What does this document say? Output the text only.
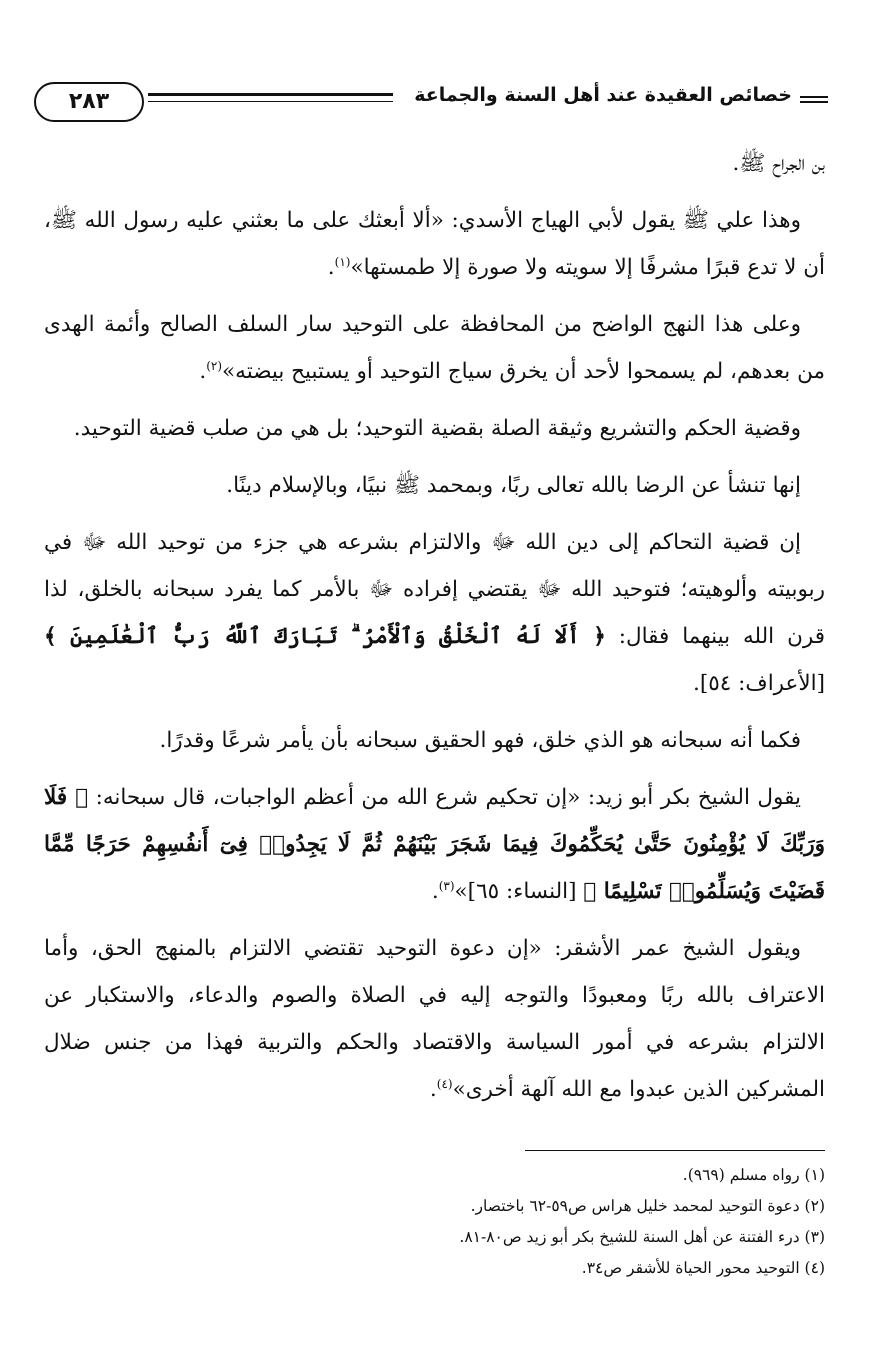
خصائص العقيدة عند أهل السنة والجماعة
٢٨٣

بن الجراح ﷺ.

وهذا علي ﷺ يقول لأبي الهياج الأسدي: «ألا أبعثك على ما بعثني عليه رسول الله ﷺ، أن لا تدع قبرًا مشرفًا إلا سويته ولا صورة إلا طمستها»$^{(١)}$.

وعلى هذا النهج الواضح من المحافظة على التوحيد سار السلف الصالح وأئمة الهدى من بعدهم، لم يسمحوا لأحد أن يخرق سياج التوحيد أو يستبيح بيضته»$^{(٢)}$.

وقضية الحكم والتشريع وثيقة الصلة بقضية التوحيد؛ بل هي من صلب قضية التوحيد.

إنها تنشأ عن الرضا بالله تعالى ربًا، وبمحمد ﷺ نبيًا، وبالإسلام دينًا.

إن قضية التحاكم إلى دين الله ﷻ والالتزام بشرعه هي جزء من توحيد الله ﷻ في ربوبيته وألوهيته؛ فتوحيد الله ﷻ يقتضي إفراده ﷻ بالأمر كما يفرد سبحانه بالخلق، لذا قرن الله بينهما فقال: ﴿ أَلَا لَهُ ٱلْخَلْقُ وَٱلْأَمْرُ ۗ تَبَارَكَ ٱللَّهُ رَبُّ ٱلْعَٰلَمِينَ ﴾ [الأعراف: ٥٤].

فكما أنه سبحانه هو الذي خلق، فهو الحقيق سبحانه بأن يأمر شرعًا وقدرًا.

يقول الشيخ بكر أبو زيد: «إن تحكيم شرع الله من أعظم الواجبات، قال سبحانه: ﴿ فَلَا وَرَبِّكَ لَا يُؤْمِنُونَ حَتَّىٰ يُحَكِّمُوكَ فِيمَا شَجَرَ بَيْنَهُمْ ثُمَّ لَا يَجِدُوا۟ فِىٓ أَنفُسِهِمْ حَرَجًا مِّمَّا قَضَيْتَ وَيُسَلِّمُوا۟ تَسْلِيمًا ﴾ [النساء: ٦٥]»$^{(٣)}$.

ويقول الشيخ عمر الأشقر: «إن دعوة التوحيد تقتضي الالتزام بالمنهج الحق، وأما الاعتراف بالله ربًا ومعبودًا والتوجه إليه في الصلاة والصوم والدعاء، والاستكبار عن الالتزام بشرعه في أمور السياسة والاقتصاد والحكم والتربية فهذا من جنس ضلال المشركين الذين عبدوا مع الله آلهة أخرى»$^{(٤)}$.

(١) رواه مسلم (٩٦٩).

(٢) دعوة التوحيد لمحمد خليل هراس ص٥٩-٦٢ باختصار.

(٣) درء الفتنة عن أهل السنة للشيخ بكر أبو زيد ص٨٠-٨١.

(٤) التوحيد محور الحياة للأشقر ص٣٤.
